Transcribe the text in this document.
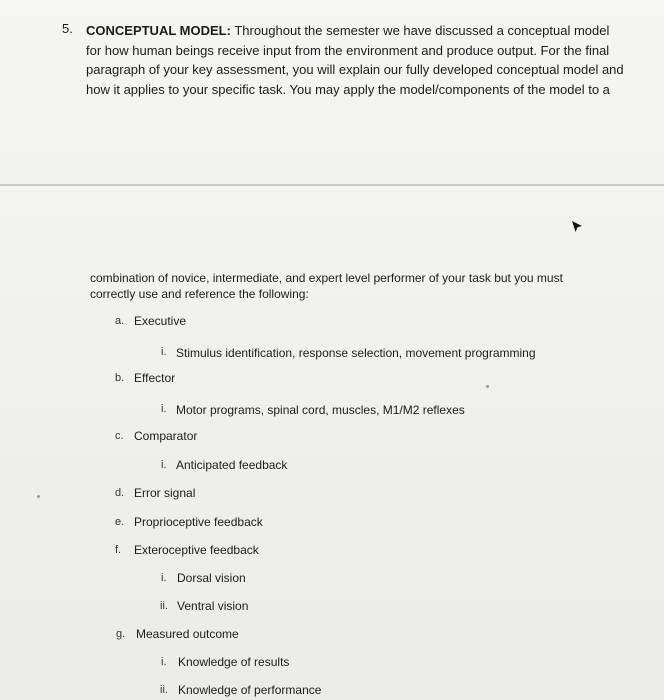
5. CONCEPTUAL MODEL: Throughout the semester we have discussed a conceptual model for how human beings receive input from the environment and produce output. For the final paragraph of your key assessment, you will explain our fully developed conceptual model and how it applies to your specific task. You may apply the model/components of the model to a
combination of novice, intermediate, and expert level performer of your task but you must correctly use and reference the following:
a. Executive
i. Stimulus identification, response selection, movement programming
b. Effector
i. Motor programs, spinal cord, muscles, M1/M2 reflexes
c. Comparator
i. Anticipated feedback
d. Error signal
e. Proprioceptive feedback
f. Exteroceptive feedback
i. Dorsal vision
ii. Ventral vision
g. Measured outcome
i. Knowledge of results
ii. Knowledge of performance
